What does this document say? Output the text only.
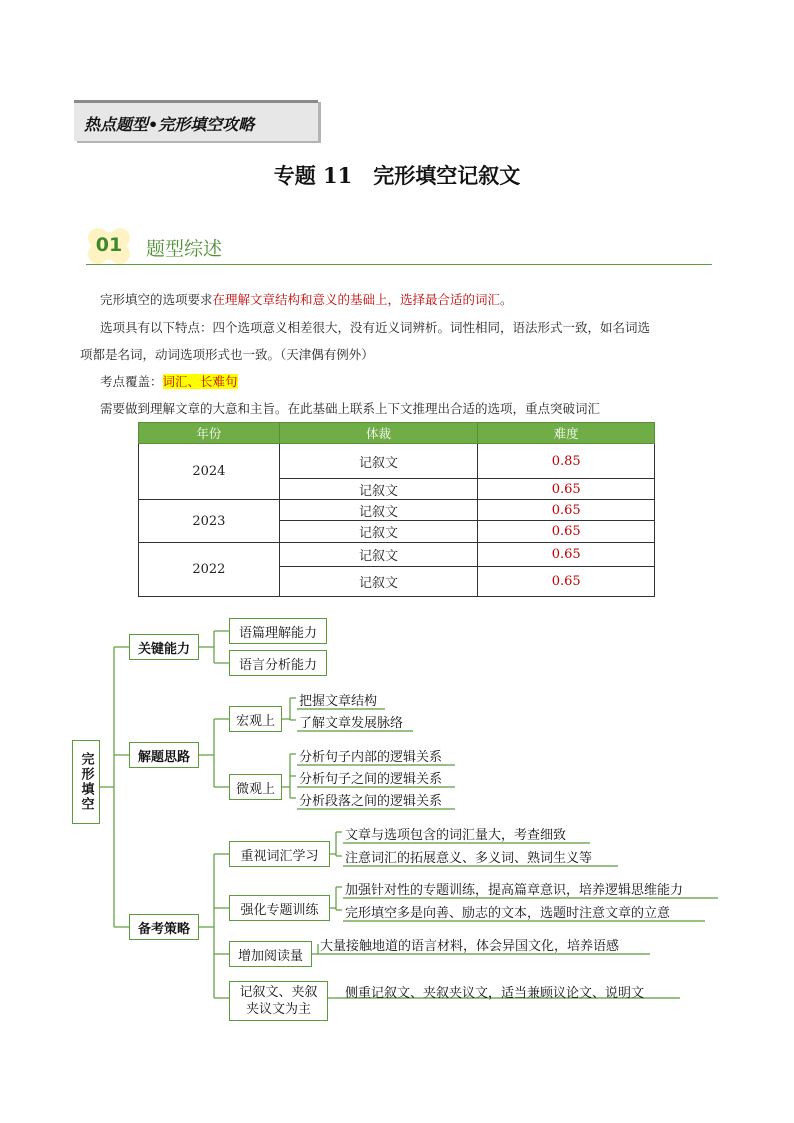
热点题型•完形填空攻略
专题 11　完形填空记叙文
01	题型综述
完形填空的选项要求在理解文章结构和意义的基础上，选择最合适的词汇。
选项具有以下特点：四个选项意义相差很大，没有近义词辨析。词性相同，语法形式一致，如名词选
项都是名词，动词选项形式也一致。（天津偶有例外）
考点覆盖：词汇、长难句
需要做到理解文章的大意和主旨。在此基础上联系上下文推理出合适的选项，重点突破词汇
年份	体裁	难度
2024	记叙文	0.85
	记叙文	0.65
2023	记叙文	0.65
	记叙文	0.65
2022	记叙文	0.65
	记叙文	0.65
完形填空
关键能力
语篇理解能力
语言分析能力
解题思路
宏观上
把握文章结构
了解文章发展脉络
微观上
分析句子内部的逻辑关系
分析句子之间的逻辑关系
分析段落之间的逻辑关系
备考策略
重视词汇学习
文章与选项包含的词汇量大，考查细致
注意词汇的拓展意义、多义词、熟词生义等
强化专题训练
加强针对性的专题训练，提高篇章意识，培养逻辑思维能力
完形填空多是向善、励志的文本，选题时注意文章的立意
增加阅读量
大量接触地道的语言材料，体会异国文化，培养语感
记叙文、夹叙
夹议文为主
侧重记叙文、夹叙夹议文，适当兼顾议论文、说明文
